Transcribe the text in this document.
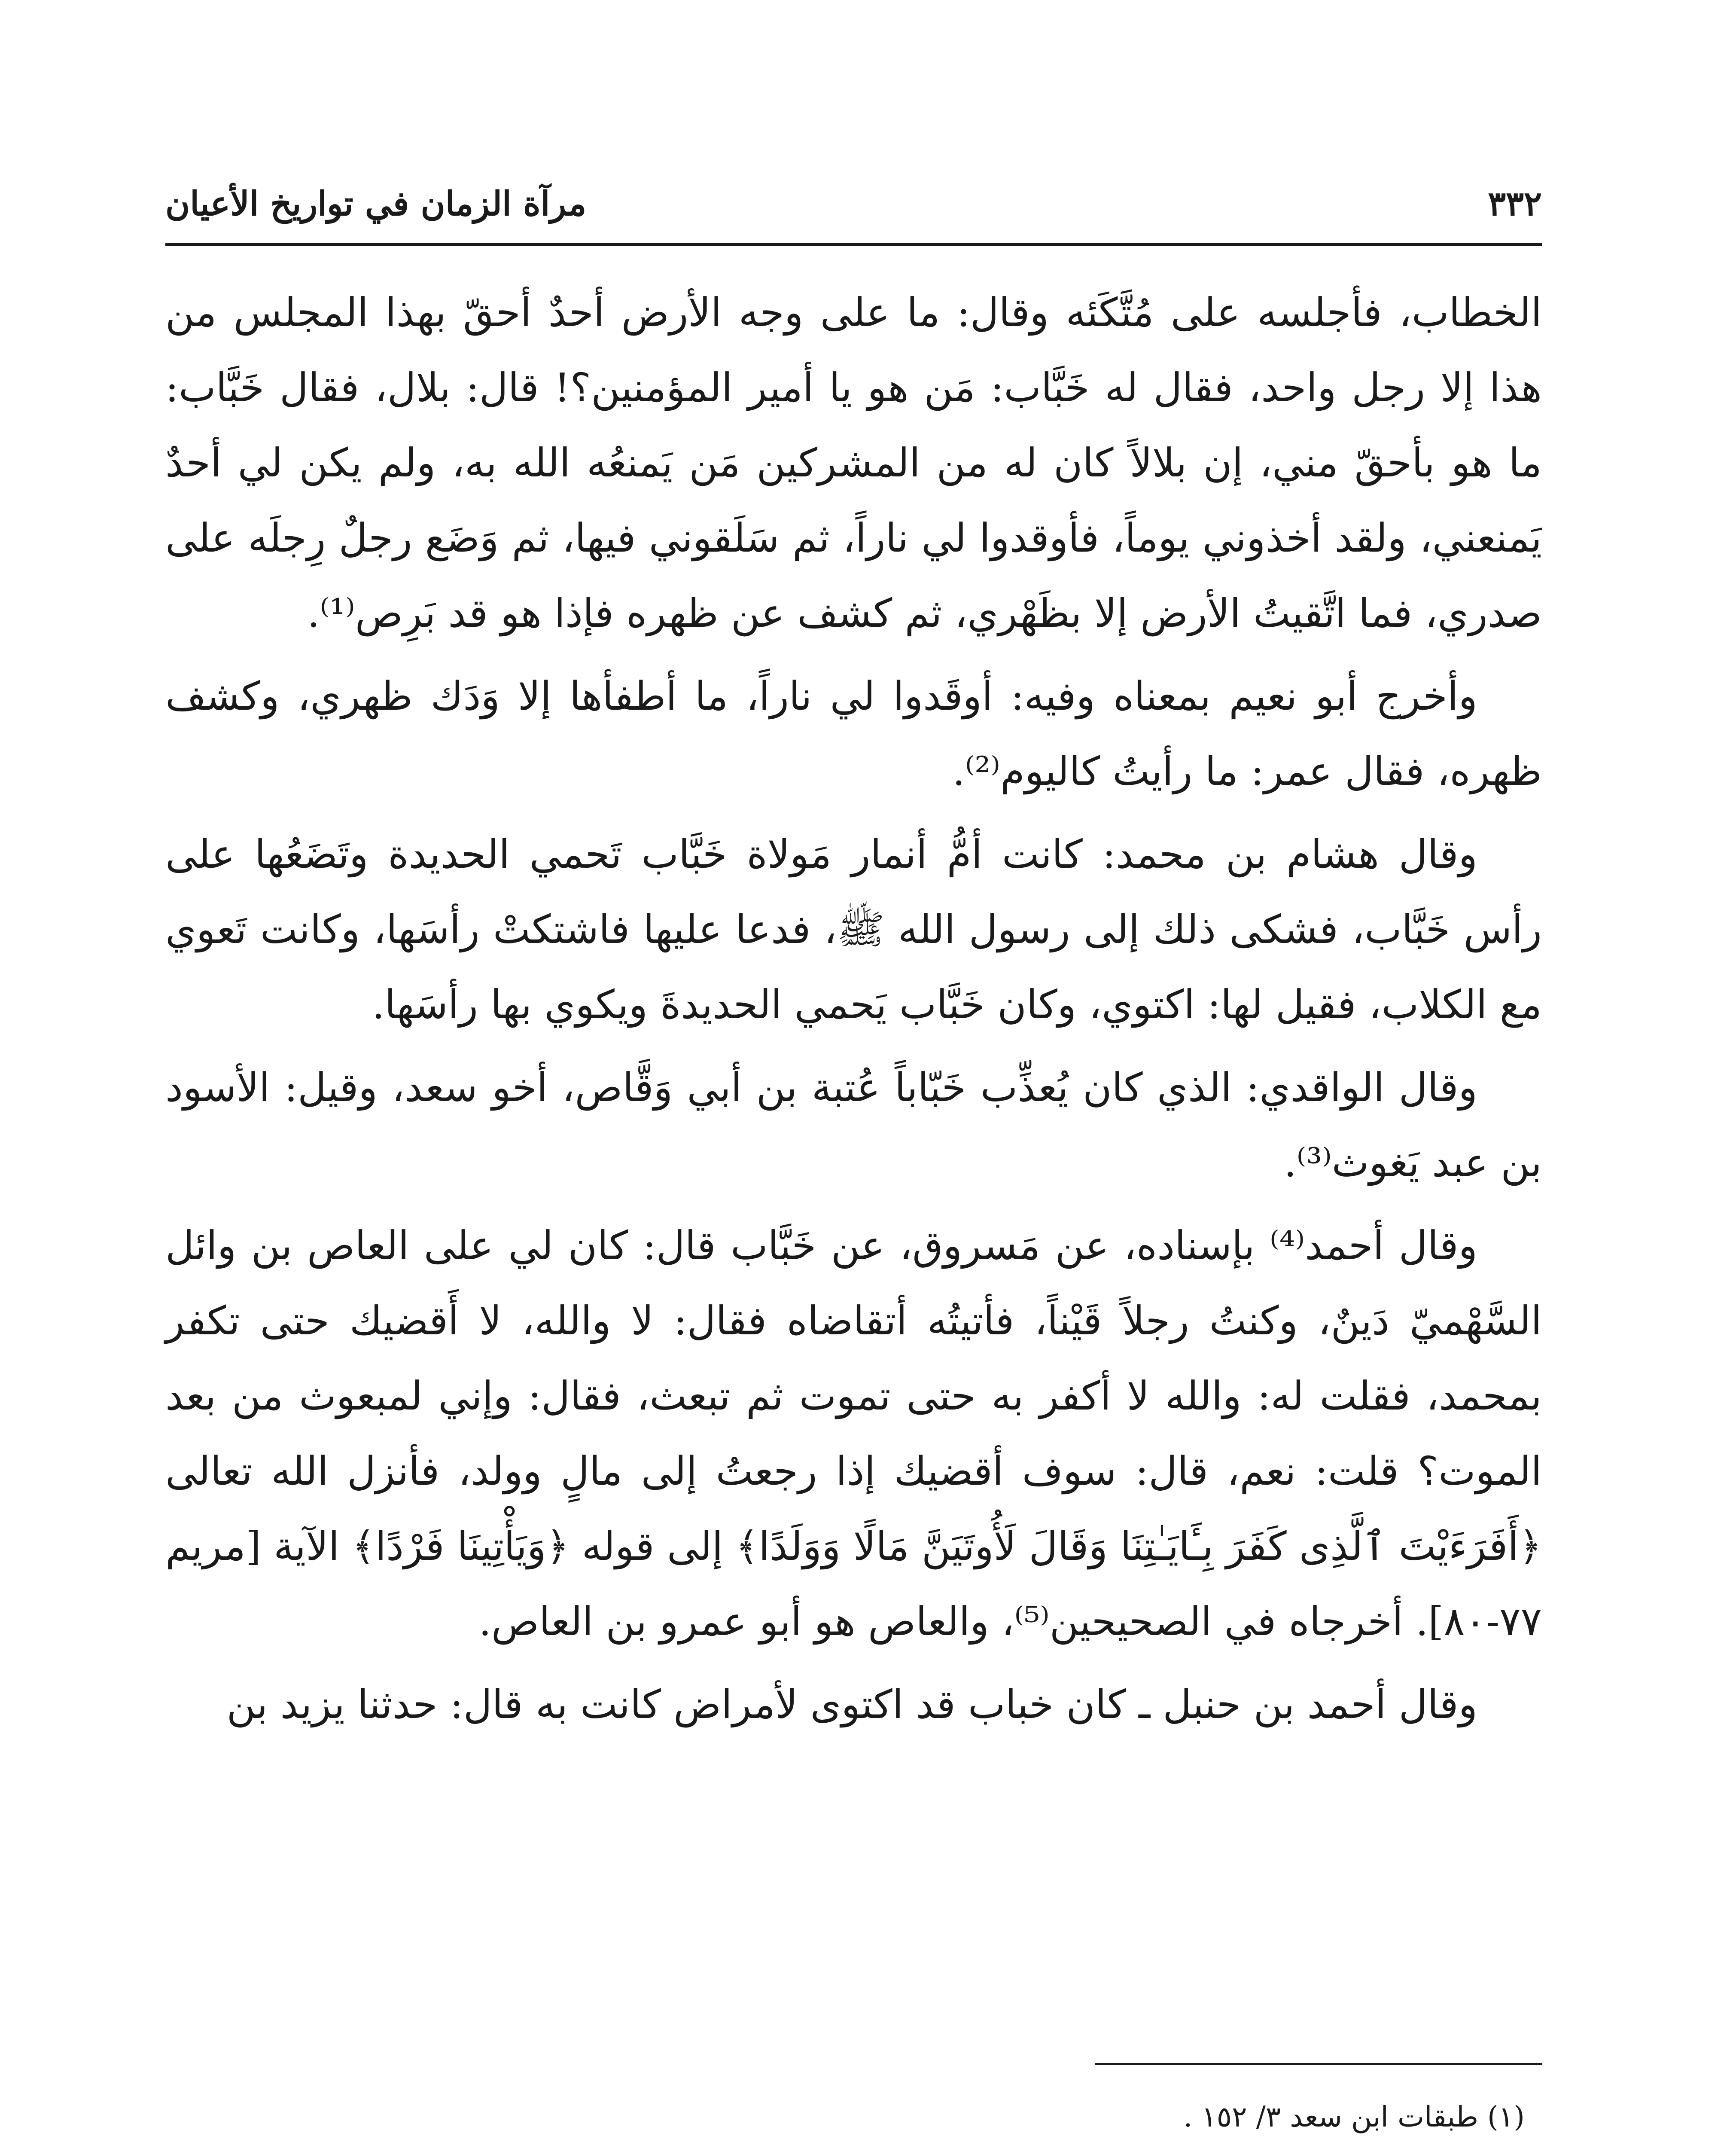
٣٣٢
مرآة الزمان في تواريخ الأعيان

الخطاب، فأجلسه على مُتَّكَئه وقال: ما على وجه الأرض أحدٌ أحقّ بهذا المجلس من هذا إلا رجل واحد، فقال له خَبَّاب: مَن هو يا أمير المؤمنين؟! قال: بلال، فقال خَبَّاب: ما هو بأحقّ مني، إن بلالاً كان له من المشركين مَن يَمنعُه الله به، ولم يكن لي أحدٌ يَمنعني، ولقد أخذوني يوماً، فأوقدوا لي ناراً، ثم سَلَقوني فيها، ثم وَضَع رجلٌ رِجلَه على صدري، فما اتَّقيتُ الأرض إلا بظَهْري، ثم كشف عن ظهره فإذا هو قد بَرِص⁽¹⁾.

وأخرج أبو نعيم بمعناه وفيه: أوقَدوا لي ناراً، ما أطفأها إلا وَدَك ظهري، وكشف ظهره، فقال عمر: ما رأيتُ كاليوم⁽²⁾.

وقال هشام بن محمد: كانت أمُّ أنمار مَولاة خَبَّاب تَحمي الحديدة وتَضَعُها على رأس خَبَّاب، فشكى ذلك إلى رسول الله ﷺ، فدعا عليها فاشتكتْ رأسَها، وكانت تَعوي مع الكلاب، فقيل لها: اكتوي، وكان خَبَّاب يَحمي الحديدةَ ويكوي بها رأسَها.

وقال الواقدي: الذي كان يُعذِّب خَبّاباً عُتبة بن أبي وَقَّاص، أخو سعد، وقيل: الأسود بن عبد يَغوث⁽³⁾.

وقال أحمد⁽⁴⁾ بإسناده، عن مَسروق، عن خَبَّاب قال: كان لي على العاص بن وائل السَّهْميّ دَينٌ، وكنتُ رجلاً قَيْناً، فأتيتُه أتقاضاه فقال: لا والله، لا أَقضيك حتى تكفر بمحمد، فقلت له: والله لا أكفر به حتى تموت ثم تبعث، فقال: وإني لمبعوث من بعد الموت؟ قلت: نعم، قال: سوف أقضيك إذا رجعتُ إلى مالٍ وولد، فأنزل الله تعالى ﴿أَفَرَءَيْتَ ٱلَّذِى كَفَرَ بِـَٔايَـٰتِنَا وَقَالَ لَأُوتَيَنَّ مَالًا وَوَلَدًا﴾ إلى قوله ﴿وَيَأْتِينَا فَرْدًا﴾ الآية [مريم ٧٧-٨٠]. أخرجاه في الصحيحين⁽⁵⁾، والعاص هو أبو عمرو بن العاص.

وقال أحمد بن حنبل ـ كان خباب قد اكتوى لأمراض كانت به قال: حدثنا يزيد بن

(١) طبقات ابن سعد ٣/ ١٥٢ .
